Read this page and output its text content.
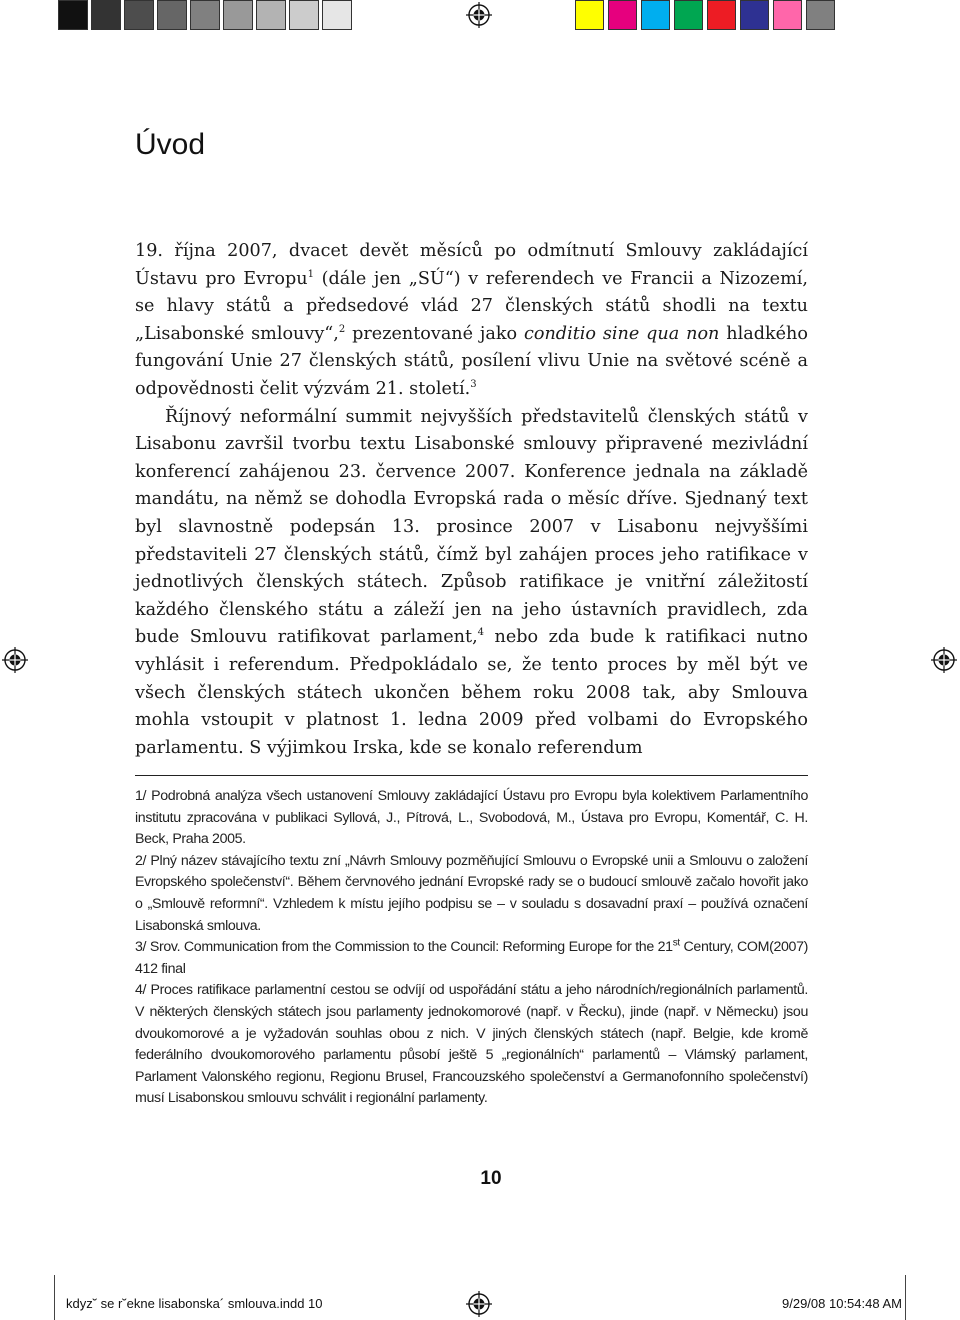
Úvod

19. října 2007, dvacet devět měsíců po odmítnutí Smlouvy zakládající Ústavu pro Evropu$^1$ (dále jen „SÚ“) v referendech ve Francii a Nizozemí, se hlavy států a předsedové vlád 27 členských států shodli na textu „Lisabonské smlouvy“,$^2$ prezentované jako conditio sine qua non hladkého fungování Unie 27 členských států, posílení vlivu Unie na světové scéně a odpovědnosti čelit výzvám 21. století.$^3$

Říjnový neformální summit nejvyšších představitelů členských států v Lisabonu završil tvorbu textu Lisabonské smlouvy připravené mezivládní konferencí zahájenou 23. července 2007. Konference jednala na základě mandátu, na němž se dohodla Evropská rada o měsíc dříve. Sjednaný text byl slavnostně podepsán 13. prosince 2007 v Lisabonu nejvyššími představiteli 27 členských států, čímž byl zahájen proces jeho ratifikace v jednotlivých členských státech. Způsob ratifikace je vnitřní záležitostí každého členského státu a záleží jen na jeho ústavních pravidlech, zda bude Smlouvu ratifikovat parlament,$^4$ nebo zda bude k ratifikaci nutno vyhlásit i referendum. Předpokládalo se, že tento proces by měl být ve všech členských státech ukončen během roku 2008 tak, aby Smlouva mohla vstoupit v platnost 1. ledna 2009 před volbami do Evropského parlamentu. S výjimkou Irska, kde se konalo referendum

1/ Podrobná analýza všech ustanovení Smlouvy zakládající Ústavu pro Evropu byla kolektivem Parlamentního institutu zpracována v publikaci Syllová, J., Pítrová, L., Svobodová, M., Ústava pro Evropu, Komentář, C. H. Beck, Praha 2005.

2/ Plný název stávajícího textu zní „Návrh Smlouvy pozměňující Smlouvu o Evropské unii a Smlouvu o založení Evropského společenství“. Během červnového jednání Evropské rady se o budoucí smlouvě začalo hovořit jako o „Smlouvě reformní“. Vzhledem k místu jejího podpisu se – v souladu s dosavadní praxí – používá označení Lisabonská smlouva.

3/ Srov. Communication from the Commission to the Council: Reforming Europe for the 21st Century, COM(2007) 412 final

4/ Proces ratifikace parlamentní cestou se odvíjí od uspořádání státu a jeho národních/regionálních parlamentů. V některých členských státech jsou parlamenty jednokomorové (např. v Řecku), jinde (např. v Německu) jsou dvoukomorové a je vyžadován souhlas obou z nich. V jiných členských státech (např. Belgie, kde kromě federálního dvoukomorového parlamentu působí ještě 5 „regionálních“ parlamentů – Vlámský parlament, Parlament Valonského regionu, Regionu Brusel, Francouzského společenství a Germanofonního společenství) musí Lisabonskou smlouvu schválit i regionální parlamenty.

10
kdyz˘ se r˘ekne lisabonska´ smlouva.indd 10	9/29/08 10:54:48 AM
